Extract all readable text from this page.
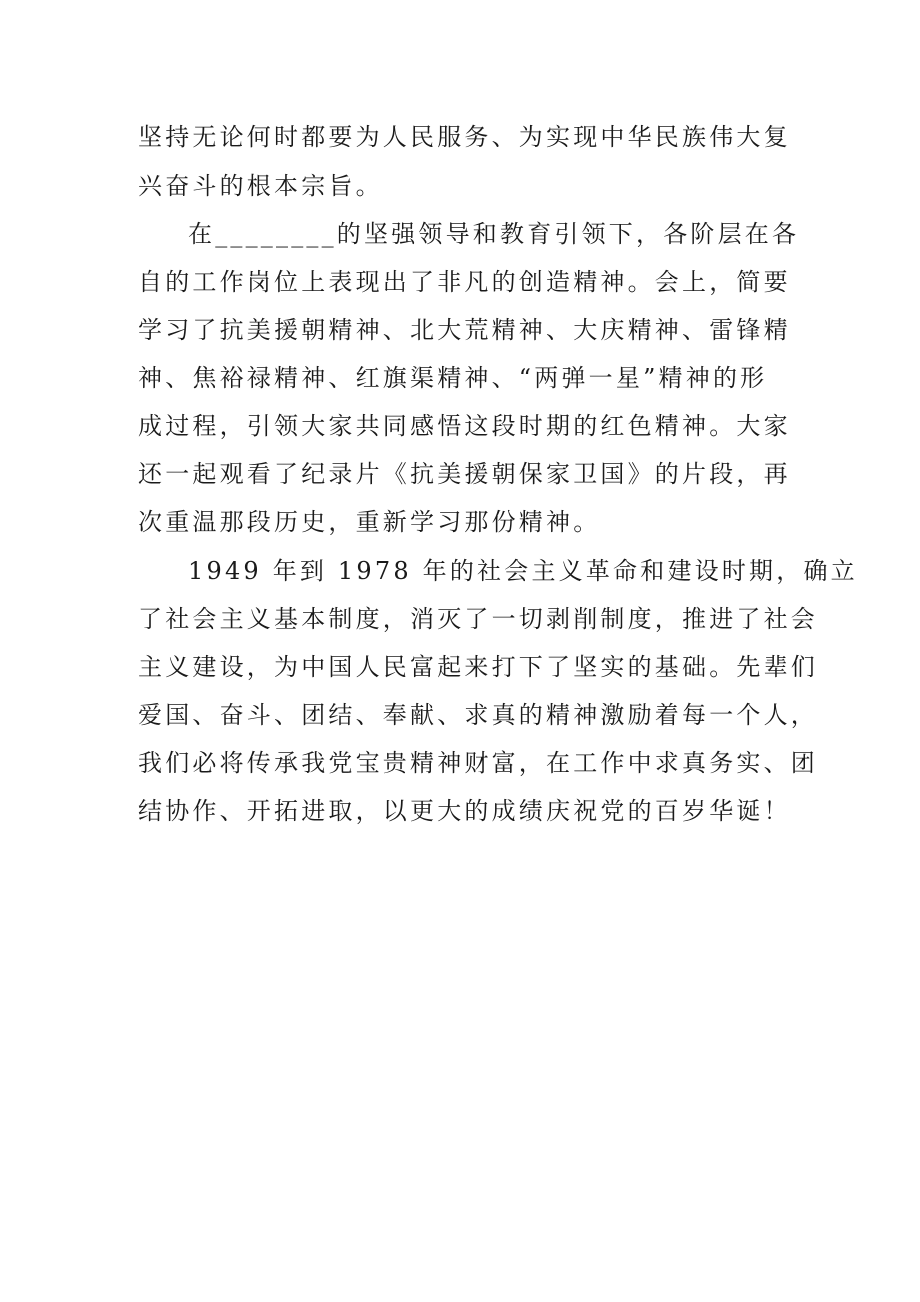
坚持无论何时都要为人民服务、为实现中华民族伟大复
兴奋斗的根本宗旨。
在________的坚强领导和教育引领下，各阶层在各
自的工作岗位上表现出了非凡的创造精神。会上，简要
学习了抗美援朝精神、北大荒精神、大庆精神、雷锋精
神、焦裕禄精神、红旗渠精神、“两弹一星”精神的形
成过程，引领大家共同感悟这段时期的红色精神。大家
还一起观看了纪录片《抗美援朝保家卫国》的片段，再
次重温那段历史，重新学习那份精神。
1949 年到 1978 年的社会主义革命和建设时期，确立
了社会主义基本制度，消灭了一切剥削制度，推进了社会
主义建设，为中国人民富起来打下了坚实的基础。先辈们
爱国、奋斗、团结、奉献、求真的精神激励着每一个人，
我们必将传承我党宝贵精神财富，在工作中求真务实、团
结协作、开拓进取，以更大的成绩庆祝党的百岁华诞！
